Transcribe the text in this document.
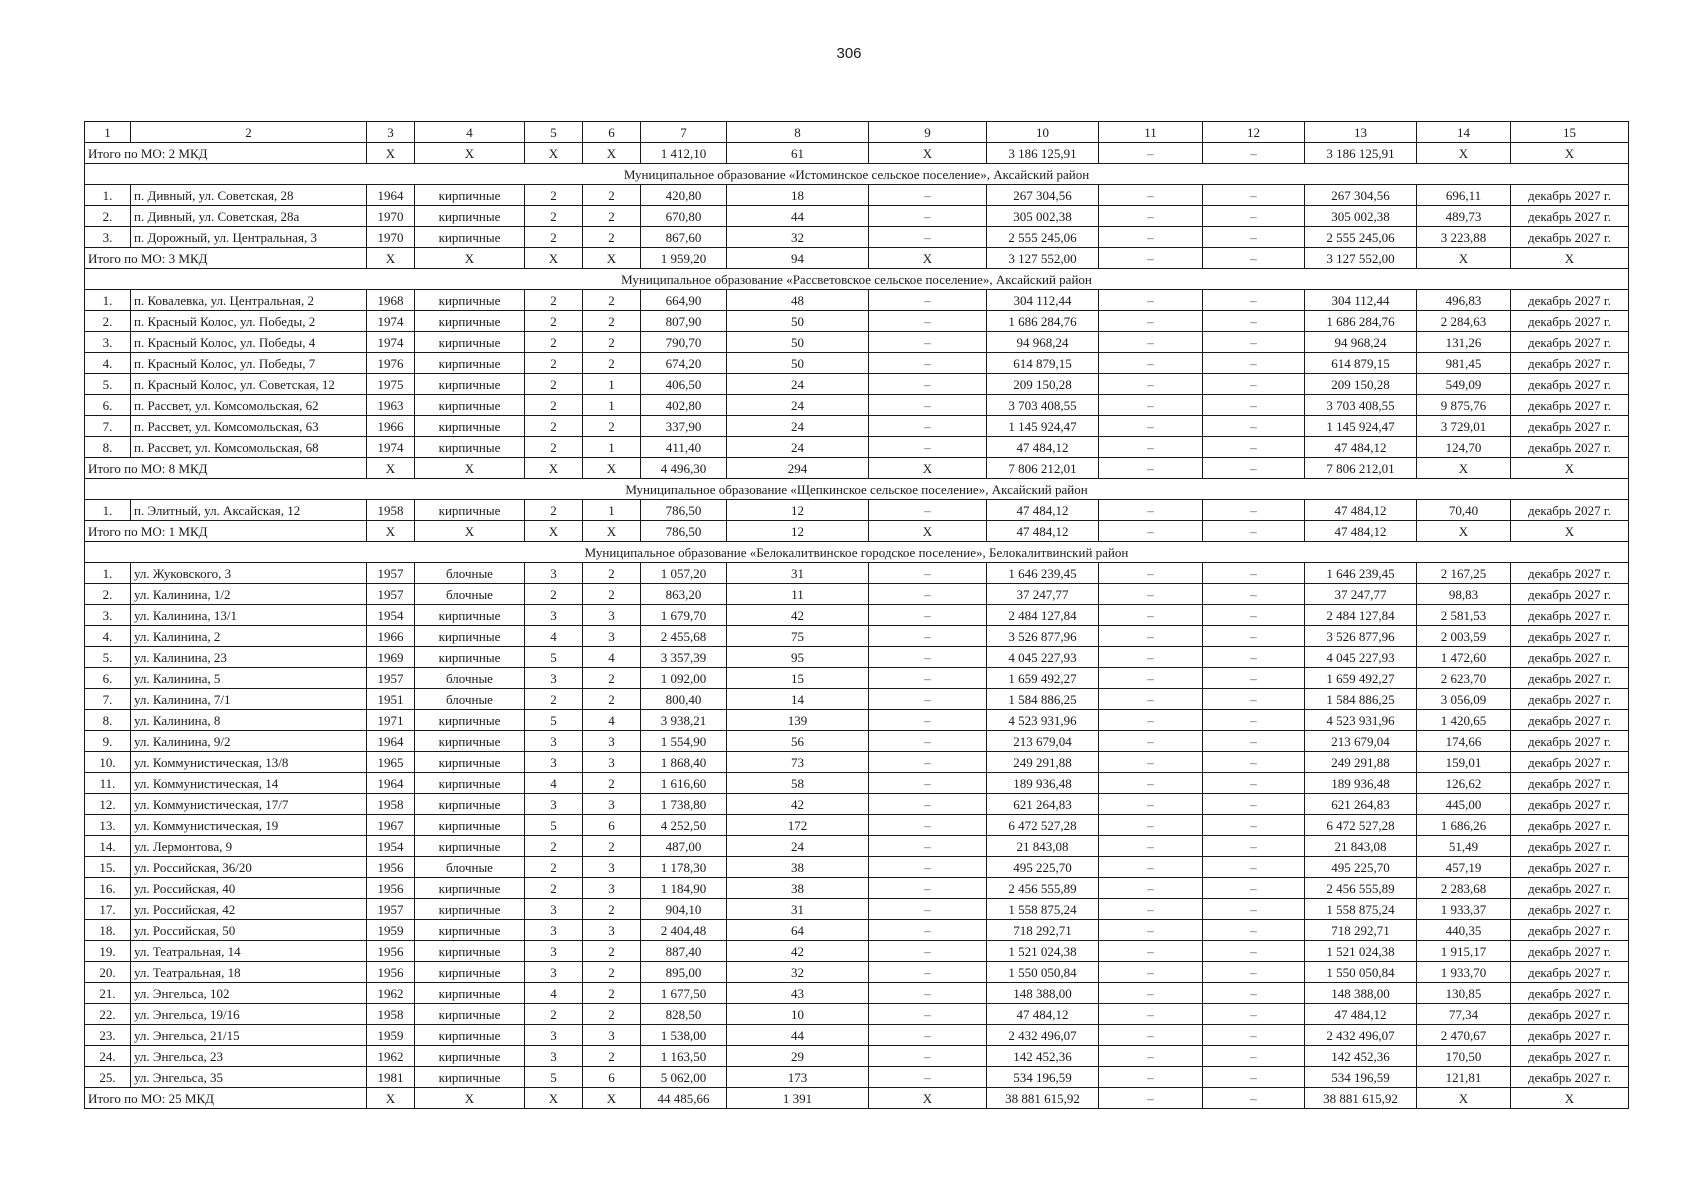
306
1	2	3	4	5	6	7	8	9	10	11	12	13	14	15
Итого по МО: 2 МКД		X	X	X	X	1 412,10	61	X	3 186 125,91	–	–	3 186 125,91	X	X
Муниципальное образование «Истоминское сельское поселение», Аксайский район														
1.	п. Дивный, ул. Советская, 28	1964	кирпичные	2	2	420,80	18	–	267 304,56	–	–	267 304,56	696,11	декабрь 2027 г.
2.	п. Дивный, ул. Советская, 28а	1970	кирпичные	2	2	670,80	44	–	305 002,38	–	–	305 002,38	489,73	декабрь 2027 г.
3.	п. Дорожный, ул. Центральная, 3	1970	кирпичные	2	2	867,60	32	–	2 555 245,06	–	–	2 555 245,06	3 223,88	декабрь 2027 г.
Итого по МО: 3 МКД		X	X	X	X	1 959,20	94	X	3 127 552,00	–	–	3 127 552,00	X	X
Муниципальное образование «Рассветовское сельское поселение», Аксайский район														
1.	п. Ковалевка, ул. Центральная, 2	1968	кирпичные	2	2	664,90	48	–	304 112,44	–	–	304 112,44	496,83	декабрь 2027 г.
2.	п. Красный Колос, ул. Победы, 2	1974	кирпичные	2	2	807,90	50	–	1 686 284,76	–	–	1 686 284,76	2 284,63	декабрь 2027 г.
3.	п. Красный Колос, ул. Победы, 4	1974	кирпичные	2	2	790,70	50	–	94 968,24	–	–	94 968,24	131,26	декабрь 2027 г.
4.	п. Красный Колос, ул. Победы, 7	1976	кирпичные	2	2	674,20	50	–	614 879,15	–	–	614 879,15	981,45	декабрь 2027 г.
5.	п. Красный Колос, ул. Советская, 12	1975	кирпичные	2	1	406,50	24	–	209 150,28	–	–	209 150,28	549,09	декабрь 2027 г.
6.	п. Рассвет, ул. Комсомольская, 62	1963	кирпичные	2	1	402,80	24	–	3 703 408,55	–	–	3 703 408,55	9 875,76	декабрь 2027 г.
7.	п. Рассвет, ул. Комсомольская, 63	1966	кирпичные	2	2	337,90	24	–	1 145 924,47	–	–	1 145 924,47	3 729,01	декабрь 2027 г.
8.	п. Рассвет, ул. Комсомольская, 68	1974	кирпичные	2	1	411,40	24	–	47 484,12	–	–	47 484,12	124,70	декабрь 2027 г.
Итого по МО: 8 МКД		X	X	X	X	4 496,30	294	X	7 806 212,01	–	–	7 806 212,01	X	X
Муниципальное образование «Щепкинское сельское поселение», Аксайский район														
1.	п. Элитный, ул. Аксайская, 12	1958	кирпичные	2	1	786,50	12	–	47 484,12	–	–	47 484,12	70,40	декабрь 2027 г.
Итого по МО: 1 МКД		X	X	X	X	786,50	12	X	47 484,12	–	–	47 484,12	X	X
Муниципальное образование «Белокалитвинское городское поселение», Белокалитвинский район														
1.	ул. Жуковского, 3	1957	блочные	3	2	1 057,20	31	–	1 646 239,45	–	–	1 646 239,45	2 167,25	декабрь 2027 г.
2.	ул. Калинина, 1/2	1957	блочные	2	2	863,20	11	–	37 247,77	–	–	37 247,77	98,83	декабрь 2027 г.
3.	ул. Калинина, 13/1	1954	кирпичные	3	3	1 679,70	42	–	2 484 127,84	–	–	2 484 127,84	2 581,53	декабрь 2027 г.
4.	ул. Калинина, 2	1966	кирпичные	4	3	2 455,68	75	–	3 526 877,96	–	–	3 526 877,96	2 003,59	декабрь 2027 г.
5.	ул. Калинина, 23	1969	кирпичные	5	4	3 357,39	95	–	4 045 227,93	–	–	4 045 227,93	1 472,60	декабрь 2027 г.
6.	ул. Калинина, 5	1957	блочные	3	2	1 092,00	15	–	1 659 492,27	–	–	1 659 492,27	2 623,70	декабрь 2027 г.
7.	ул. Калинина, 7/1	1951	блочные	2	2	800,40	14	–	1 584 886,25	–	–	1 584 886,25	3 056,09	декабрь 2027 г.
8.	ул. Калинина, 8	1971	кирпичные	5	4	3 938,21	139	–	4 523 931,96	–	–	4 523 931,96	1 420,65	декабрь 2027 г.
9.	ул. Калинина, 9/2	1964	кирпичные	3	3	1 554,90	56	–	213 679,04	–	–	213 679,04	174,66	декабрь 2027 г.
10.	ул. Коммунистическая, 13/8	1965	кирпичные	3	3	1 868,40	73	–	249 291,88	–	–	249 291,88	159,01	декабрь 2027 г.
11.	ул. Коммунистическая, 14	1964	кирпичные	4	2	1 616,60	58	–	189 936,48	–	–	189 936,48	126,62	декабрь 2027 г.
12.	ул. Коммунистическая, 17/7	1958	кирпичные	3	3	1 738,80	42	–	621 264,83	–	–	621 264,83	445,00	декабрь 2027 г.
13.	ул. Коммунистическая, 19	1967	кирпичные	5	6	4 252,50	172	–	6 472 527,28	–	–	6 472 527,28	1 686,26	декабрь 2027 г.
14.	ул. Лермонтова, 9	1954	кирпичные	2	2	487,00	24	–	21 843,08	–	–	21 843,08	51,49	декабрь 2027 г.
15.	ул. Российская, 36/20	1956	блочные	2	3	1 178,30	38	–	495 225,70	–	–	495 225,70	457,19	декабрь 2027 г.
16.	ул. Российская, 40	1956	кирпичные	2	3	1 184,90	38	–	2 456 555,89	–	–	2 456 555,89	2 283,68	декабрь 2027 г.
17.	ул. Российская, 42	1957	кирпичные	3	2	904,10	31	–	1 558 875,24	–	–	1 558 875,24	1 933,37	декабрь 2027 г.
18.	ул. Российская, 50	1959	кирпичные	3	3	2 404,48	64	–	718 292,71	–	–	718 292,71	440,35	декабрь 2027 г.
19.	ул. Театральная, 14	1956	кирпичные	3	2	887,40	42	–	1 521 024,38	–	–	1 521 024,38	1 915,17	декабрь 2027 г.
20.	ул. Театральная, 18	1956	кирпичные	3	2	895,00	32	–	1 550 050,84	–	–	1 550 050,84	1 933,70	декабрь 2027 г.
21.	ул. Энгельса, 102	1962	кирпичные	4	2	1 677,50	43	–	148 388,00	–	–	148 388,00	130,85	декабрь 2027 г.
22.	ул. Энгельса, 19/16	1958	кирпичные	2	2	828,50	10	–	47 484,12	–	–	47 484,12	77,34	декабрь 2027 г.
23.	ул. Энгельса, 21/15	1959	кирпичные	3	3	1 538,00	44	–	2 432 496,07	–	–	2 432 496,07	2 470,67	декабрь 2027 г.
24.	ул. Энгельса, 23	1962	кирпичные	3	2	1 163,50	29	–	142 452,36	–	–	142 452,36	170,50	декабрь 2027 г.
25.	ул. Энгельса, 35	1981	кирпичные	5	6	5 062,00	173	–	534 196,59	–	–	534 196,59	121,81	декабрь 2027 г.
Итого по МО: 25 МКД		X	X	X	X	44 485,66	1 391	X	38 881 615,92	–	–	38 881 615,92	X	X
